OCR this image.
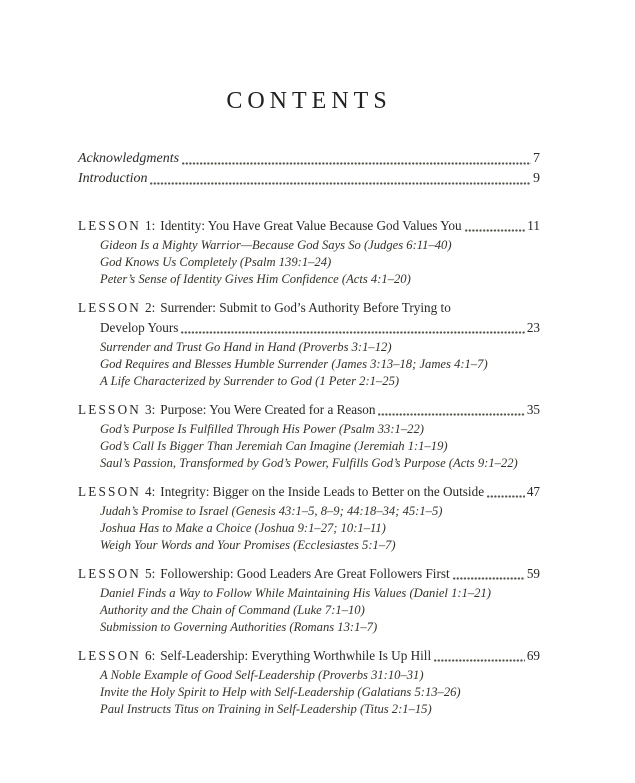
CONTENTS
Acknowledgments	7
Introduction	9
LESSON 1: Identity: You Have Great Value Because God Values You	11
Gideon Is a Mighty Warrior—Because God Says So (Judges 6:11–40)
God Knows Us Completely (Psalm 139:1–24)
Peter’s Sense of Identity Gives Him Confidence (Acts 4:1–20)
LESSON 2: Surrender: Submit to God’s Authority Before Trying to
Develop Yours	23
Surrender and Trust Go Hand in Hand (Proverbs 3:1–12)
God Requires and Blesses Humble Surrender (James 3:13–18; James 4:1–7)
A Life Characterized by Surrender to God (1 Peter 2:1–25)
LESSON 3: Purpose: You Were Created for a Reason	35
God’s Purpose Is Fulfilled Through His Power (Psalm 33:1–22)
God’s Call Is Bigger Than Jeremiah Can Imagine (Jeremiah 1:1–19)
Saul’s Passion, Transformed by God’s Power, Fulfills God’s Purpose (Acts 9:1–22)
LESSON 4: Integrity: Bigger on the Inside Leads to Better on the Outside	47
Judah’s Promise to Israel (Genesis 43:1–5, 8–9; 44:18–34; 45:1–5)
Joshua Has to Make a Choice (Joshua 9:1–27; 10:1–11)
Weigh Your Words and Your Promises (Ecclesiastes 5:1–7)
LESSON 5: Followership: Good Leaders Are Great Followers First	59
Daniel Finds a Way to Follow While Maintaining His Values (Daniel 1:1–21)
Authority and the Chain of Command (Luke 7:1–10)
Submission to Governing Authorities (Romans 13:1–7)
LESSON 6: Self-Leadership: Everything Worthwhile Is Up Hill	69
A Noble Example of Good Self-Leadership (Proverbs 31:10–31)
Invite the Holy Spirit to Help with Self-Leadership (Galatians 5:13–26)
Paul Instructs Titus on Training in Self-Leadership (Titus 2:1–15)
